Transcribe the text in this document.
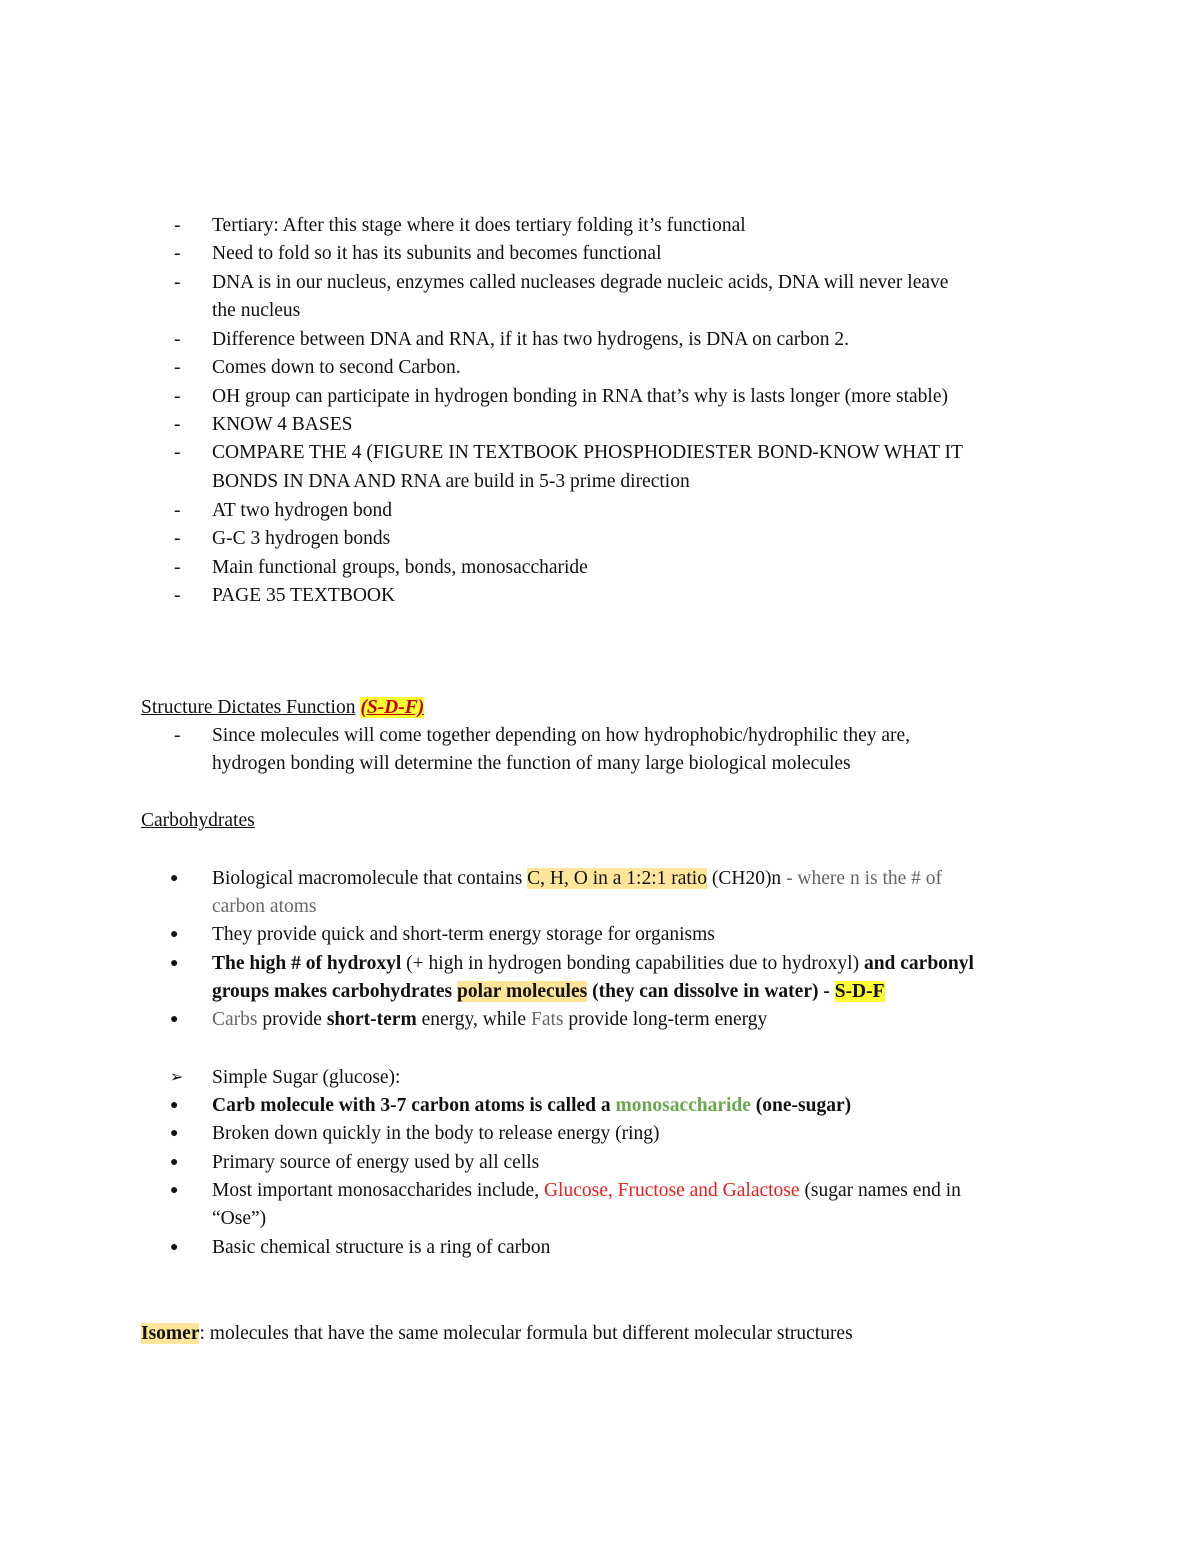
-	Tertiary: After this stage where it does tertiary folding it’s functional
-	Need to fold so it has its subunits and becomes functional
-	DNA is in our nucleus, enzymes called nucleases degrade nucleic acids, DNA will never leave
the nucleus
-	Difference between DNA and RNA, if it has two hydrogens, is DNA on carbon 2.
-	Comes down to second Carbon.
-	OH group can participate in hydrogen bonding in RNA that’s why is lasts longer (more stable)
-	KNOW 4 BASES
-	COMPARE THE 4 (FIGURE IN TEXTBOOK PHOSPHODIESTER BOND-KNOW WHAT IT
BONDS IN DNA AND RNA are build in 5-3 prime direction
-	AT two hydrogen bond
-	G-C 3 hydrogen bonds
-	Main functional groups, bonds, monosaccharide
-	PAGE 35 TEXTBOOK
Structure Dictates Function (S-D-F)
-	Since molecules will come together depending on how hydrophobic/hydrophilic they are,
hydrogen bonding will determine the function of many large biological molecules
Carbohydrates
●	Biological macromolecule that contains C, H, O in a 1:2:1 ratio (CH20)n - where n is the # of
carbon atoms
●	They provide quick and short-term energy storage for organisms
●	The high # of hydroxyl (+ high in hydrogen bonding capabilities due to hydroxyl) and carbonyl
groups makes carbohydrates polar molecules (they can dissolve in water) - S-D-F
●	Carbs provide short-term energy, while Fats provide long-term energy
➢	Simple Sugar (glucose):
●	Carb molecule with 3-7 carbon atoms is called a monosaccharide (one-sugar)
●	Broken down quickly in the body to release energy (ring)
●	Primary source of energy used by all cells
●	Most important monosaccharides include, Glucose, Fructose and Galactose (sugar names end in
“Ose”)
●	Basic chemical structure is a ring of carbon
Isomer: molecules that have the same molecular formula but different molecular structures
